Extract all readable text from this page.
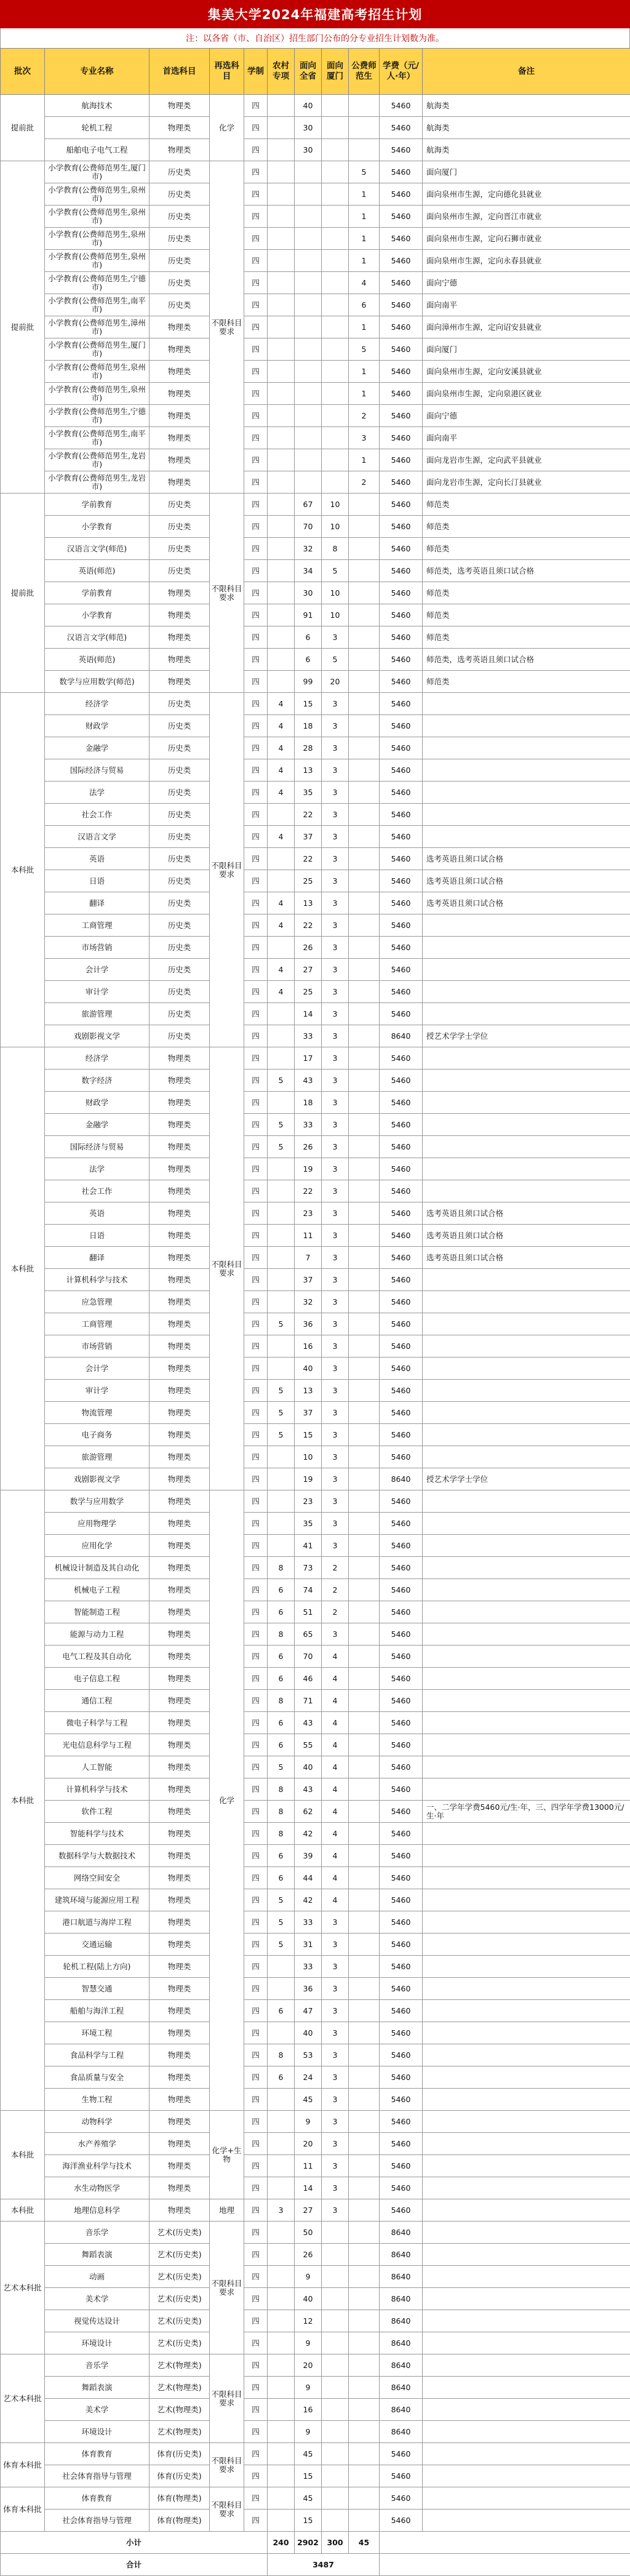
集美大学2024年福建高考招生计划
注：以各省（市、自治区）招生部门公布的分专业招生计划数为准。
批次	专业名称	首选科目	再选科目	学制	农村专项	面向全省	面向厦门	公费师范生	学费（元/人·年）	备注
提前批	航海技术	物理类	化学	四		40			5460	航海类
	轮机工程	物理类		四		30			5460	航海类
	船舶电子电气工程	物理类		四		30			5460	航海类
提前批	小学教育(公费师范男生,厦门市)	历史类	不限科目要求	四				5	5460	面向厦门
	小学教育(公费师范男生,泉州市)	历史类		四				1	5460	面向泉州市生源，定向德化县就业
	小学教育(公费师范男生,泉州市)	历史类		四				1	5460	面向泉州市生源，定向晋江市就业
	小学教育(公费师范男生,泉州市)	历史类		四				1	5460	面向泉州市生源，定向石狮市就业
	小学教育(公费师范男生,泉州市)	历史类		四				1	5460	面向泉州市生源，定向永春县就业
	小学教育(公费师范男生,宁德市)	历史类		四				4	5460	面向宁德
	小学教育(公费师范男生,南平市)	历史类		四				6	5460	面向南平
	小学教育(公费师范男生,漳州市)	物理类		四				1	5460	面向漳州市生源，定向诏安县就业
	小学教育(公费师范男生,厦门市)	物理类		四				5	5460	面向厦门
	小学教育(公费师范男生,泉州市)	物理类		四				1	5460	面向泉州市生源，定向安溪县就业
	小学教育(公费师范男生,泉州市)	物理类		四				1	5460	面向泉州市生源，定向泉港区就业
	小学教育(公费师范男生,宁德市)	物理类		四				2	5460	面向宁德
	小学教育(公费师范男生,南平市)	物理类		四				3	5460	面向南平
	小学教育(公费师范男生,龙岩市)	物理类		四				1	5460	面向龙岩市生源，定向武平县就业
	小学教育(公费师范男生,龙岩市)	物理类		四				2	5460	面向龙岩市生源，定向长汀县就业
提前批	学前教育	历史类	不限科目要求	四		67	10		5460	师范类
	小学教育	历史类		四		70	10		5460	师范类
	汉语言文学(师范)	历史类		四		32	8		5460	师范类
	英语(师范)	历史类		四		34	5		5460	师范类，选考英语且须口试合格
	学前教育	物理类		四		30	10		5460	师范类
	小学教育	物理类		四		91	10		5460	师范类
	汉语言文学(师范)	物理类		四		6	3		5460	师范类
	英语(师范)	物理类		四		6	5		5460	师范类，选考英语且须口试合格
	数学与应用数学(师范)	物理类		四		99	20		5460	师范类
本科批	经济学	历史类	不限科目要求	四	4	15	3		5460	
	财政学	历史类		四	4	18	3		5460	
	金融学	历史类		四	4	28	3		5460	
	国际经济与贸易	历史类		四	4	13	3		5460	
	法学	历史类		四	4	35	3		5460	
	社会工作	历史类		四		22	3		5460	
	汉语言文学	历史类		四	4	37	3		5460	
	英语	历史类		四		22	3		5460	选考英语且须口试合格
	日语	历史类		四		25	3		5460	选考英语且须口试合格
	翻译	历史类		四	4	13	3		5460	选考英语且须口试合格
	工商管理	历史类		四	4	22	3		5460	
	市场营销	历史类		四		26	3		5460	
	会计学	历史类		四	4	27	3		5460	
	审计学	历史类		四	4	25	3		5460	
	旅游管理	历史类		四		14	3		5460	
	戏剧影视文学	历史类		四		33	3		8640	授艺术学学士学位
本科批	经济学	物理类	不限科目要求	四		17	3		5460	
	数字经济	物理类		四	5	43	3		5460	
	财政学	物理类		四		18	3		5460	
	金融学	物理类		四	5	33	3		5460	
	国际经济与贸易	物理类		四	5	26	3		5460	
	法学	物理类		四		19	3		5460	
	社会工作	物理类		四		22	3		5460	
	英语	物理类		四		23	3		5460	选考英语且须口试合格
	日语	物理类		四		11	3		5460	选考英语且须口试合格
	翻译	物理类		四		7	3		5460	选考英语且须口试合格
	计算机科学与技术	物理类		四		37	3		5460	
	应急管理	物理类		四		32	3		5460	
	工商管理	物理类		四	5	36	3		5460	
	市场营销	物理类		四		16	3		5460	
	会计学	物理类		四		40	3		5460	
	审计学	物理类		四	5	13	3		5460	
	物流管理	物理类		四	5	37	3		5460	
	电子商务	物理类		四	5	15	3		5460	
	旅游管理	物理类		四		10	3		5460	
	戏剧影视文学	物理类		四		19	3		8640	授艺术学学士学位
本科批	数学与应用数学	物理类	化学	四		23	3		5460	
	应用物理学	物理类		四		35	3		5460	
	应用化学	物理类		四		41	3		5460	
	机械设计制造及其自动化	物理类		四	8	73	2		5460	
	机械电子工程	物理类		四	6	74	2		5460	
	智能制造工程	物理类		四	6	51	2		5460	
	能源与动力工程	物理类		四	8	65	3		5460	
	电气工程及其自动化	物理类		四	6	70	4		5460	
	电子信息工程	物理类		四	6	46	4		5460	
	通信工程	物理类		四	8	71	4		5460	
	微电子科学与工程	物理类		四	6	43	4		5460	
	光电信息科学与工程	物理类		四	6	55	4		5460	
	人工智能	物理类		四	5	40	4		5460	
	计算机科学与技术	物理类		四	8	43	4		5460	
	软件工程	物理类		四	8	62	4		5460	一、二学年学费5460元/生·年，三、四学年学费13000元/生·年
	智能科学与技术	物理类		四	8	42	4		5460	
	数据科学与大数据技术	物理类		四	6	39	4		5460	
	网络空间安全	物理类		四	6	44	4		5460	
	建筑环境与能源应用工程	物理类		四	5	42	4		5460	
	港口航道与海岸工程	物理类		四	5	33	3		5460	
	交通运输	物理类		四	5	31	3		5460	
	轮机工程(陆上方向)	物理类		四		33	3		5460	
	智慧交通	物理类		四		36	3		5460	
	船舶与海洋工程	物理类		四	6	47	3		5460	
	环境工程	物理类		四		40	3		5460	
	食品科学与工程	物理类		四	8	53	3		5460	
	食品质量与安全	物理类		四	6	24	3		5460	
	生物工程	物理类		四		45	3		5460	
本科批	动物科学	物理类	化学+生物	四		9	3		5460	
	水产养殖学	物理类		四		20	3		5460	
	海洋渔业科学与技术	物理类		四		11	3		5460	
	水生动物医学	物理类		四		14	3		5460	
本科批	地理信息科学	物理类	地理	四	3	27	3		5460	
艺术本科批	音乐学	艺术(历史类)	不限科目要求	四		50			8640	
	舞蹈表演	艺术(历史类)		四		26			8640	
	动画	艺术(历史类)		四		9			8640	
	美术学	艺术(历史类)		四		40			8640	
	视觉传达设计	艺术(历史类)		四		12			8640	
	环境设计	艺术(历史类)		四		9			8640	
艺术本科批	音乐学	艺术(物理类)	不限科目要求	四		20			8640	
	舞蹈表演	艺术(物理类)		四		9			8640	
	美术学	艺术(物理类)		四		16			8640	
	环境设计	艺术(物理类)		四		9			8640	
体育本科批	体育教育	体育(历史类)	不限科目要求	四		45			5460	
	社会体育指导与管理	体育(历史类)		四		15			5460	
体育本科批	体育教育	体育(物理类)	不限科目要求	四		45			5460	
	社会体育指导与管理	体育(物理类)		四		15			5460	
小计					240	2902	300	45		
合计					3487					
